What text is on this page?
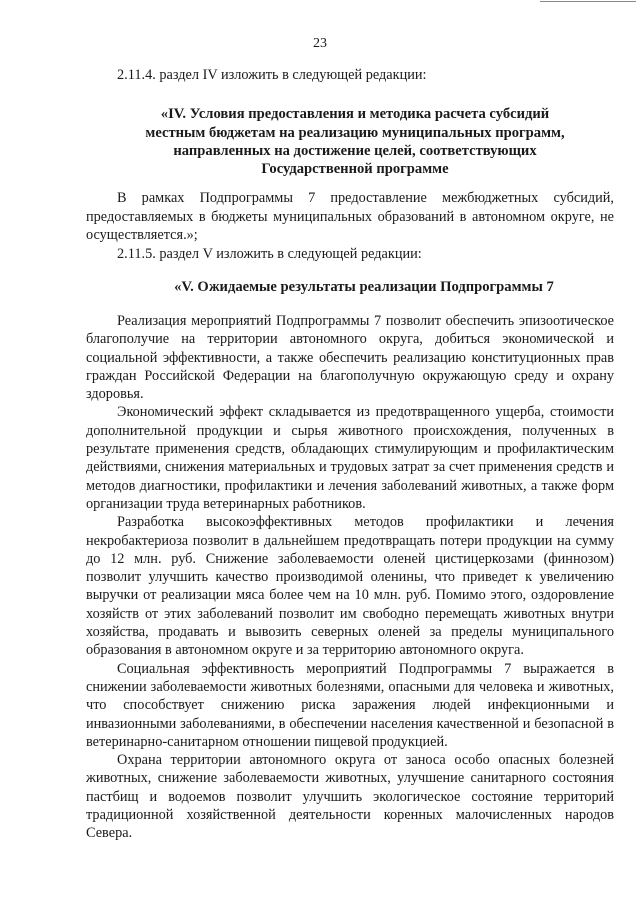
23

2.11.4. раздел IV изложить в следующей редакции:

«IV. Условия предоставления и методика расчета субсидий
местным бюджетам на реализацию муниципальных программ,
направленных на достижение целей, соответствующих
Государственной программе

В рамках Подпрограммы 7 предоставление межбюджетных субсидий, предоставляемых в бюджеты муниципальных образований в автономном округе, не осуществляется.»;

2.11.5. раздел V изложить в следующей редакции:

«V. Ожидаемые результаты реализации Подпрограммы 7

Реализация мероприятий Подпрограммы 7 позволит обеспечить эпизоотическое благополучие на территории автономного округа, добиться экономической и социальной эффективности, а также обеспечить реализацию конституционных прав граждан Российской Федерации на благополучную окружающую среду и охрану здоровья.

Экономический эффект складывается из предотвращенного ущерба, стоимости дополнительной продукции и сырья животного происхождения, полученных в результате применения средств, обладающих стимулирующим и профилактическим действиями, снижения материальных и трудовых затрат за счет применения средств и методов диагностики, профилактики и лечения заболеваний животных, а также форм организации труда ветеринарных работников.

Разработка высокоэффективных методов профилактики и лечения некробактериоза позволит в дальнейшем предотвращать потери продукции на сумму до 12 млн. руб. Снижение заболеваемости оленей цистицеркозами (финнозом) позволит улучшить качество производимой оленины, что приведет к увеличению выручки от реализации мяса более чем на 10 млн. руб. Помимо этого, оздоровление хозяйств от этих заболеваний позволит им свободно перемещать животных внутри хозяйства, продавать и вывозить северных оленей за пределы муниципального образования в автономном округе и за территорию автономного округа.

Социальная эффективность мероприятий Подпрограммы 7 выражается в снижении заболеваемости животных болезнями, опасными для человека и животных, что способствует снижению риска заражения людей инфекционными и инвазионными заболеваниями, в обеспечении населения качественной и безопасной в ветеринарно-санитарном отношении пищевой продукцией.

Охрана территории автономного округа от заноса особо опасных болезней животных, снижение заболеваемости животных, улучшение санитарного состояния пастбищ и водоемов позволит улучшить экологическое состояние территорий традиционной хозяйственной деятельности коренных малочисленных народов Севера.
